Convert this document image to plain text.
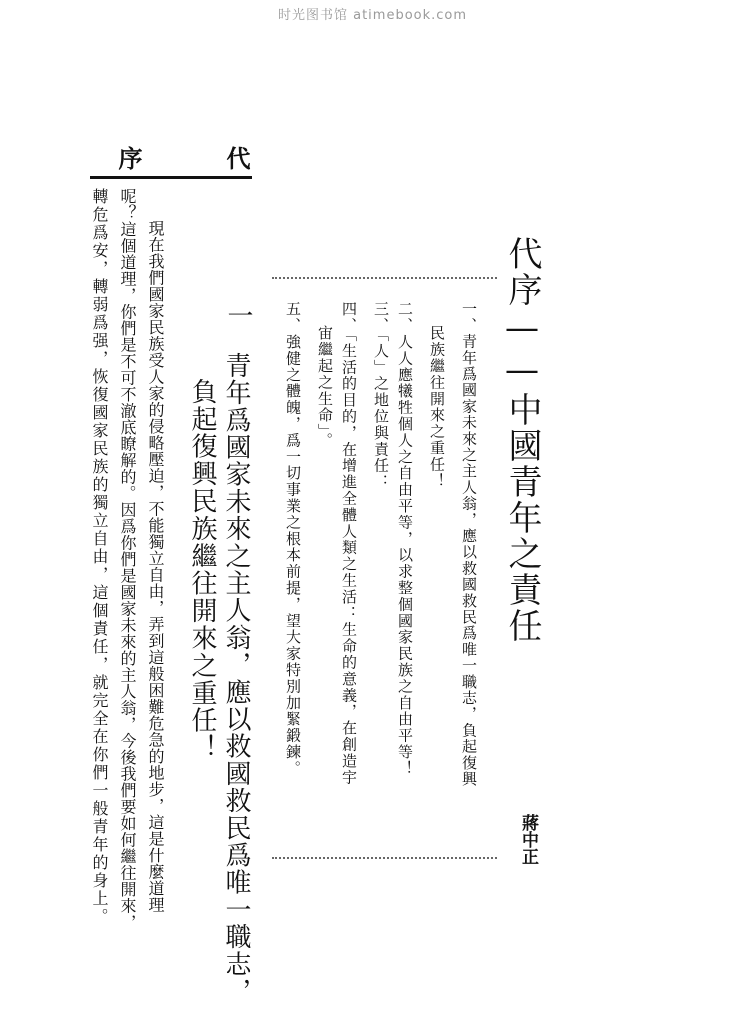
时光图书馆 atimebook.com
代
序
代序——中國青年之責任
蔣中正
一、青年爲國家未來之主人翁，應以救國救民爲唯一職志，負起復興
民族繼往開來之重任！
二、人人應犧牲個人之自由平等，以求整個國家民族之自由平等！
三、「人」之地位與責任：
四、「生活的目的，在增進全體人類之生活：生命的意義，在創造宇
宙繼起之生命」。
五、強健之體魄，爲一切事業之根本前提，望大家特別加緊鍛鍊。
一
青年爲國家未來之主人翁，應以救國救民爲唯一職志，
負起復興民族繼往開來之重任！
現在我們國家民族受人家的侵略壓迫，不能獨立自由，弄到這般困難危急的地步，這是什麼道理
呢？這個道理，你們是不可不澈底瞭解的。因爲你們是國家未來的主人翁，今後我們要如何繼往開來，
轉危爲安，轉弱爲强，恢復國家民族的獨立自由，這個責任，就完全在你們一般青年的身上。
